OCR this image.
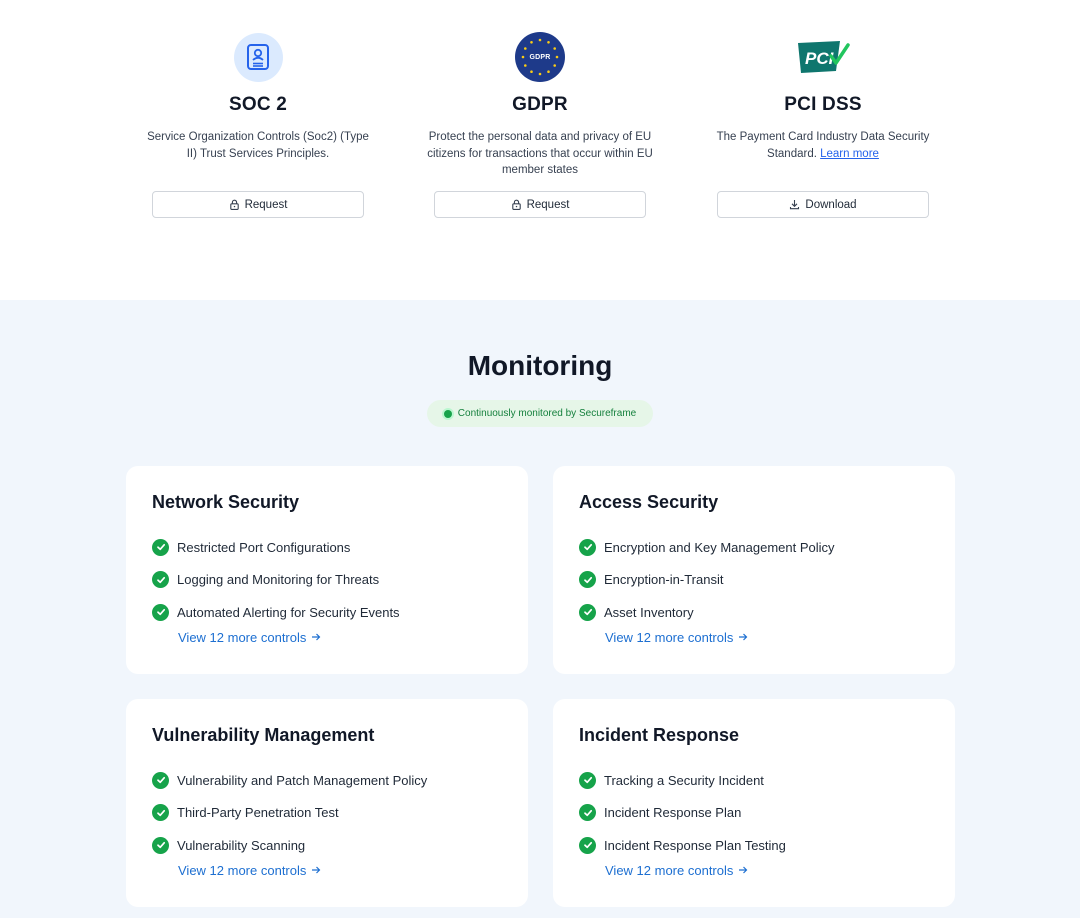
SOC 2
Service Organization Controls (Soc2) (Type II) Trust Services Principles.
Request
GDPR
GDPR
Protect the personal data and privacy of EU citizens for transactions that occur within EU member states
Request
PCI
PCI DSS
The Payment Card Industry Data Security Standard. Learn more
Download
Monitoring
Continuously monitored by Secureframe
Network Security
Restricted Port Configurations
Logging and Monitoring for Threats
Automated Alerting for Security Events
View 12 more controls
Access Security
Encryption and Key Management Policy
Encryption-in-Transit
Asset Inventory
View 12 more controls
Vulnerability Management
Vulnerability and Patch Management Policy
Third-Party Penetration Test
Vulnerability Scanning
View 12 more controls
Incident Response
Tracking a Security Incident
Incident Response Plan
Incident Response Plan Testing
View 12 more controls
